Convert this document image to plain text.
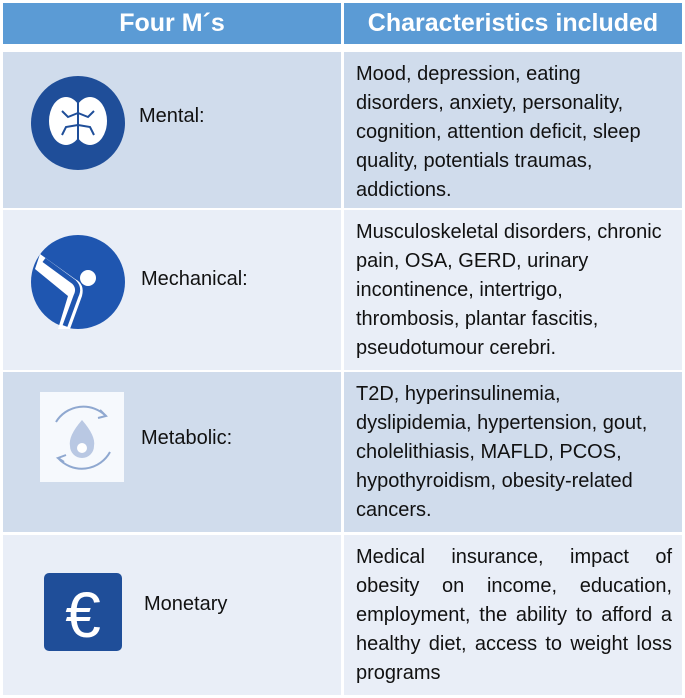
Four M´s	Characteristics included
Mental:
Mood, depression, eating
disorders, anxiety, personality,
cognition, attention deficit, sleep
quality, potentials traumas,
addictions.
Mechanical:
Musculoskeletal disorders, chronic
pain, OSA, GERD, urinary
incontinence, intertrigo,
thrombosis, plantar fascitis,
pseudotumour cerebri.
Metabolic:
T2D, hyperinsulinemia,
dyslipidemia, hypertension, gout,
cholelithiasis, MAFLD, PCOS,
hypothyroidism, obesity-related
cancers.
€ Monetary
Medical insurance, impact of
obesity on income, education,
employment, the ability to afford a
healthy diet, access to weight loss
programs
